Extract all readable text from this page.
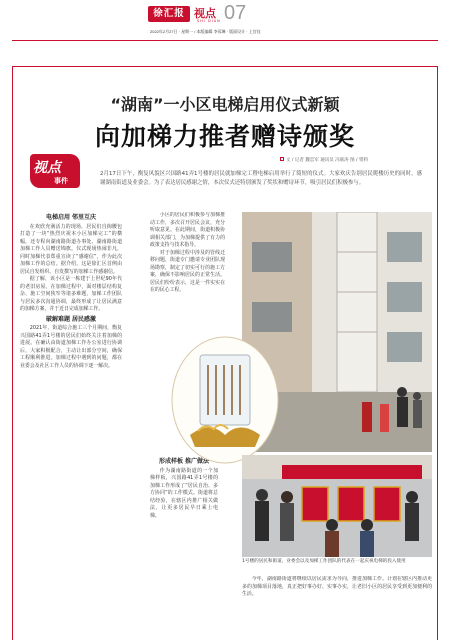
徐汇报 视点
SHI DIAN 07
2022年2月27日 · 星期一 / 本版编辑 李蓉琳 · 版面设计 · 上官钰
“湖南”一小区电梯启用仪式新颖
向加梯力推者赠诗颁奖
视点
事件
文 / 记者 魏忠军 通讯员 冯联涛 图 / 资料
2月17日下午，衡复风貌区兴国路41弄1号楼的居民就加梯完工暨电梯启用举行了简短的仪式。大家欢庆告别居民爬楼历史的同时，感谢湖南街道及业委会。为了表达居民感谢之情，本次仪式还特别颁发了奖状和赠诗环节，吸引居民们积极参与。
电梯启用 邻里互庆

在欢欣充满活力的现场，居民们自掏腰包打造了一块“热烈庆祝本小区加梯完工”的横幅，还专程向湖南路街道办事处、湖南路街道加梯工作人员赠送锦旗。仪式现场热闹非凡，同时加梯代表郑重宣读了“感谢信”，作为此次加梯工作的总结。据介绍，这是徐汇区首例由居民自发组织、自发撰写的加梯工作感谢信。

据了解，该小区是一栋建于上世纪90年代的老旧房屋。在加梯过程中，面对楼层结构复杂、施工空间狭窄等诸多难题，加梯工作团队与居民多次沟通协调，最终形成了让居民满意的加梯方案，并于近日完成加梯工作。

破解难题 居民感激

2021年，街道综合施工三个月期间，衡复兴国路41弄1号楼的居民们始终关注着加梯的进展。在确认由街道加梯工作办公室进行协调后，大家积极配合，主动让出部分空间，确保工程顺利推进。加梯过程中遇到的问题，都在业委会及社区工作人员的协调下逐一解决。

小区的居民们积极参与加梯推动工作，多次召开居民会议，充分听取意见。在此期间，街道积极协调相关部门，为加梯提供了有力的政策支持与技术指导。

对于加梯过程中涉及的管线迁移问题，街道专门邀请专业团队现场勘察，制定了切实可行的施工方案，确保不影响居民的正常生活。居民们纷纷表示，这是一件实实在在的民心工程。

形成样板 推广做法

作为湖南路街道的一个加梯样板，兴国路41弄1号楼的加梯工作形成了“居民自治、多方协同”的工作模式。街道将总结经验，在辖区内推广相关做法，让更多居民早日乘上电梯。

1号楼的居民和街道、业委会以及加梯工作团队的代表在一起庆祝电梯的投入使用

今年，湖南路街道将继续以居民需求为导向，推进加梯工作。计划在辖区内推动更多的加梯项目落地，真正把好事办好、实事办实，让老旧小区的居民享受到更加便利的生活。
